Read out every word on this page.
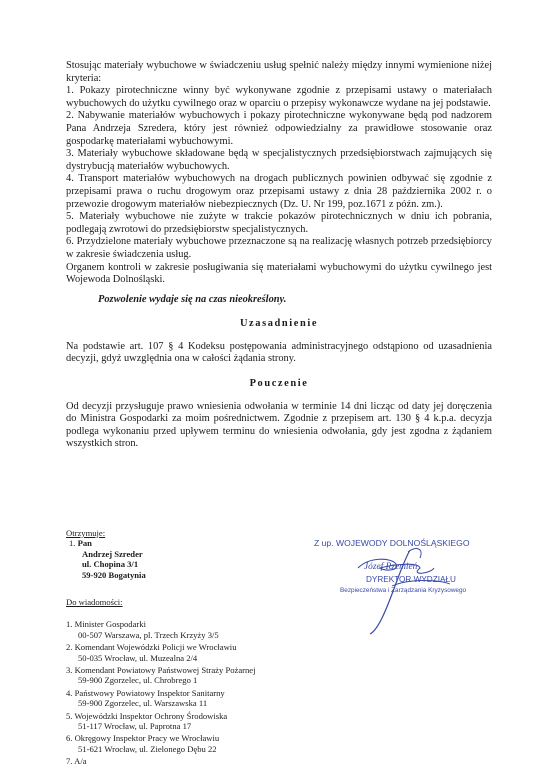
Stosując materiały wybuchowe w świadczeniu usług spełnić należy między innymi wymienione niżej kryteria:

1. Pokazy pirotechniczne winny być wykonywane zgodnie z przepisami ustawy o materiałach wybuchowych do użytku cywilnego oraz w oparciu o przepisy wykonawcze wydane na jej podstawie.

2. Nabywanie materiałów wybuchowych i pokazy pirotechniczne wykonywane będą pod nadzorem Pana Andrzeja Szredera, który jest również odpowiedzialny za prawidłowe stosowanie oraz gospodarkę materiałami wybuchowymi.

3. Materiały wybuchowe składowane będą w specjalistycznych przedsiębiorstwach zajmujących się dystrybucją materiałów wybuchowych.

4. Transport materiałów wybuchowych na drogach publicznych powinien odbywać się zgodnie z przepisami prawa o ruchu drogowym oraz przepisami ustawy z dnia 28 października 2002 r. o przewozie drogowym materiałów niebezpiecznych (Dz. U. Nr 199, poz.1671 z późn. zm.).

5. Materiały wybuchowe nie zużyte w trakcie pokazów pirotechnicznych w dniu ich pobrania, podlegają zwrotowi do przedsiębiorstw specjalistycznych.

6. Przydzielone materiały wybuchowe przeznaczone są na realizację własnych potrzeb przedsiębiorcy w zakresie świadczenia usług.

Organem kontroli w zakresie posługiwania się materiałami wybuchowymi do użytku cywilnego jest Wojewoda Dolnośląski.

Pozwolenie wydaje się na czas nieokreślony.

Uzasadnienie

Na podstawie art. 107 § 4 Kodeksu postępowania administracyjnego odstąpiono od uzasadnienia decyzji, gdyż uwzględnia ona w całości żądania strony.

Pouczenie

Od decyzji przysługuje prawo wniesienia odwołania w terminie 14 dni licząc od daty jej doręczenia do Ministra Gospodarki za moim pośrednictwem. Zgodnie z przepisem art. 130 § 4 k.p.a. decyzja podlega wykonaniu przed upływem terminu do wniesienia odwołania, gdy jest zgodna z żądaniem wszystkich stron.

Otrzymuje:
1. Pan
Andrzej Szreder
ul. Chopina 3/1
59-920 Bogatynia
Do wiadomości:
1. Minister Gospodarki
00-507 Warszawa, pl. Trzech Krzyży 3/5
2. Komendant Wojewódzki Policji we Wrocławiu
50-035 Wrocław, ul. Muzealna 2/4
3. Komendant Powiatowy Państwowej Straży Pożarnej
59-900 Zgorzelec, ul. Chrobrego 1
4. Państwowy Powiatowy Inspektor Sanitarny
59-900 Zgorzelec, ul. Warszawska 11
5. Wojewódzki Inspektor Ochrony Środowiska
51-117 Wrocław, ul. Paprotna 17
6. Okręgowy Inspektor Pracy we Wrocławiu
51-621 Wrocław, ul. Zielonego Dębu 22
7. A/a
Z up. WOJEWODY DOLNOŚLĄSKIEGO
Józef Rzemień
DYREKTOR WYDZIAŁU
Bezpieczeństwa i Zarządzania Kryzysowego
